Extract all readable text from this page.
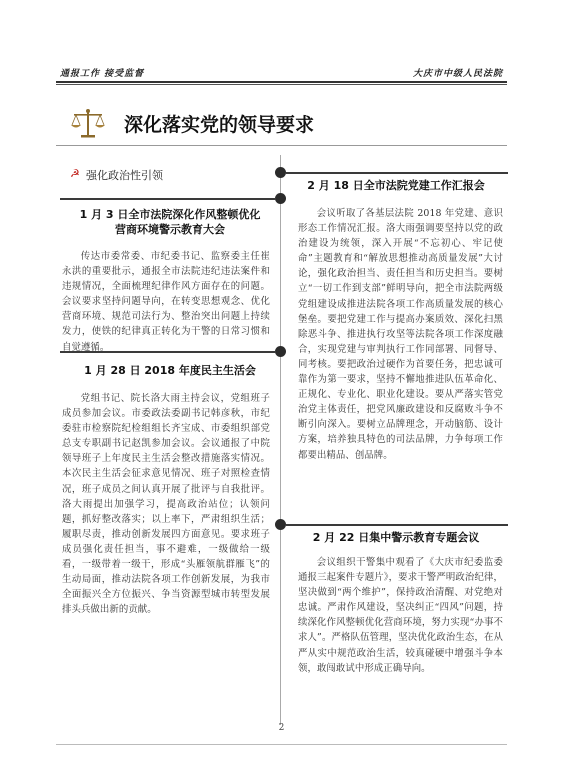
通报工作 接受监督	大庆市中级人民法院
深化落实党的领导要求
☭ 强化政治性引领
2 月 18 日全市法院党建工作汇报会
会议听取了各基层法院 2018 年党建、意识形态工作情况汇报。洛大雨强调要坚持以党的政治建设为统领，深入开展“不忘初心、牢记使命”主题教育和“解放思想推动高质量发展”大讨论，强化政治担当、责任担当和历史担当。要树立“一切工作到支部”鲜明导向，把全市法院两级党组建设成推进法院各项工作高质量发展的核心堡垒。要把党建工作与提高办案质效、深化扫黑除恶斗争、推进执行攻坚等法院各项工作深度融合，实现党建与审判执行工作同部署、同督导、同考核。要把政治过硬作为首要任务，把忠诚可靠作为第一要求，坚持不懈地推进队伍革命化、正规化、专业化、职业化建设。要从严落实管党治党主体责任，把党风廉政建设和反腐败斗争不断引向深入。要树立品牌理念，开动脑筋、设计方案，培养独具特色的司法品牌，力争每项工作都要出精品、创品牌。
1 月 3 日全市法院深化作风整顿优化营商环境警示教育大会
传达市委常委、市纪委书记、监察委主任崔永洪的重要批示，通报全市法院违纪违法案件和违规情况，全面梳理纪律作风方面存在的问题。会议要求坚持问题导向，在转变思想观念、优化营商环境、规范司法行为、整治突出问题上持续发力，使铁的纪律真正转化为干警的日常习惯和自觉遵循。
1 月 28 日 2018 年度民主生活会
党组书记、院长洛大雨主持会议，党组班子成员参加会议。市委政法委副书记韩彦秋，市纪委驻市检察院纪检组组长齐宝成、市委组织部党总支专职副书记赵凯参加会议。会议通报了中院领导班子上年度民主生活会整改措施落实情况。本次民主生活会征求意见情况、班子对照检查情况，班子成员之间认真开展了批评与自我批评。洛大雨提出加强学习，提高政治站位；认领问题，抓好整改落实；以上率下，严肃组织生活；履职尽责，推动创新发展四方面意见。要求班子成员强化责任担当，事不避难，一级做给一级看，一级带着一级干，形成“头雁领航群雁飞”的生动局面，推动法院各项工作创新发展，为我市全面振兴全方位振兴、争当资源型城市转型发展排头兵做出新的贡献。
2 月 22 日集中警示教育专题会议
会议组织干警集中观看了《大庆市纪委监委通报三起案件专题片》，要求干警严明政治纪律，坚决做到“两个维护”，保持政治清醒、对党绝对忠诚。严肃作风建设，坚决纠正“四风”问题，持续深化作风整顿优化营商环境，努力实现“办事不求人”。严格队伍管理，坚决优化政治生态，在从严从实中规范政治生活，较真碰硬中增强斗争本领，敢闯敢试中形成正确导向。
2
